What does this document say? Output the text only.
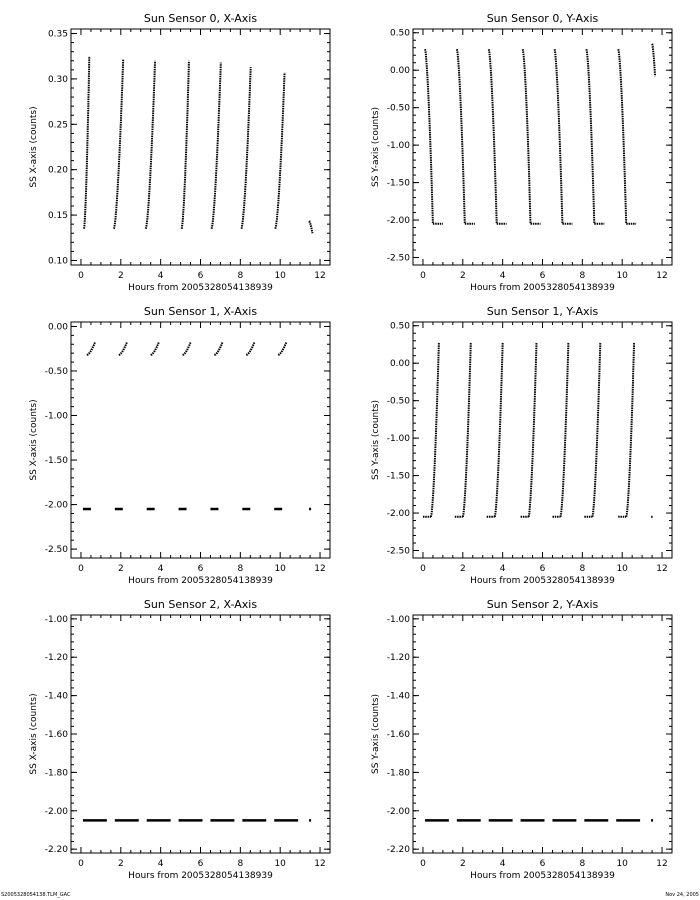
Sun Sensor 0, X-Axis
0	2	4	6	8	10	12
0.10
0.15
0.20
0.25
0.30
0.35
Hours from 2005328054138939
SS X-axis (counts)
Sun Sensor 0, Y-Axis
0	2	4	6	8	10	12
0.50
0.00
-0.50
-1.00
-1.50
-2.00
-2.50
Hours from 2005328054138939
SS Y-axis (counts)
Sun Sensor 1, X-Axis
0	2	4	6	8	10	12
0.00
-0.50
-1.00
-1.50
-2.00
-2.50
Hours from 2005328054138939
SS X-axis (counts)
Sun Sensor 1, Y-Axis
0	2	4	6	8	10	12
0.50
0.00
-0.50
-1.00
-1.50
-2.00
-2.50
Hours from 2005328054138939
SS Y-axis (counts)
Sun Sensor 2, X-Axis
0	2	4	6	8	10	12
-1.00
-1.20
-1.40
-1.60
-1.80
-2.00
-2.20
Hours from 2005328054138939
SS X-axis (counts)
Sun Sensor 2, Y-Axis
0	2	4	6	8	10	12
-1.00
-1.20
-1.40
-1.60
-1.80
-2.00
-2.20
Hours from 2005328054138939
SS Y-axis (counts)
S2005328054138.TLM_GAC	Nov 24, 2005
